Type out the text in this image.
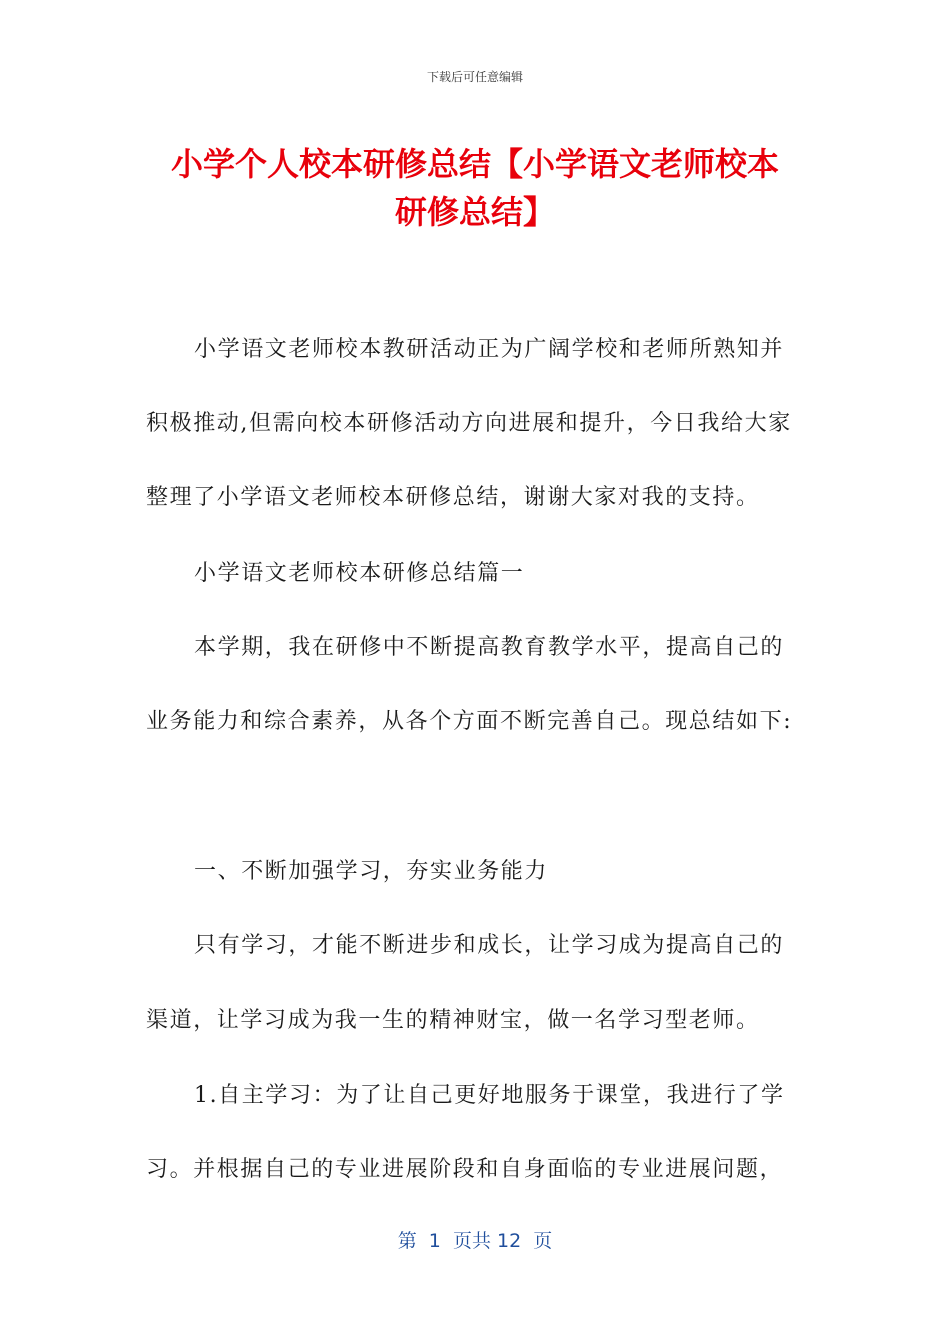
下载后可任意编辑
小学个人校本研修总结【小学语文老师校本
研修总结】

小学语文老师校本教研活动正为广阔学校和老师所熟知并

积极推动,但需向校本研修活动方向进展和提升，今日我给大家

整理了小学语文老师校本研修总结，谢谢大家对我的支持。

小学语文老师校本研修总结篇一

本学期，我在研修中不断提高教育教学水平，提高自己的

业务能力和综合素养，从各个方面不断完善自己。现总结如下:

一、不断加强学习，夯实业务能力

只有学习，才能不断进步和成长，让学习成为提高自己的

渠道，让学习成为我一生的精神财宝，做一名学习型老师。

1.自主学习：为了让自己更好地服务于课堂，我进行了学

习。并根据自己的专业进展阶段和自身面临的专业进展问题，

第  1  页共 12  页
